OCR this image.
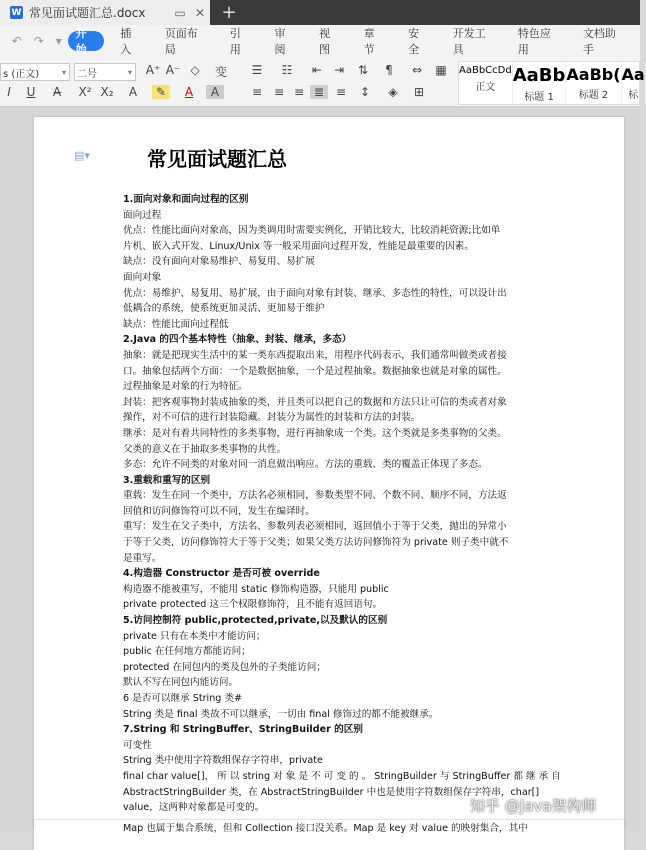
W 常见面试题汇总.docx	▭ ✕ +
↶ ↷ ▾
开始
插入
页面布局
引用
审阅
视图
章节
安全
开发工具
特色应用
文档助手
s (正文)	▾	二号	▾ A⁺ A⁻ ◇	变	☰	☷	⇤ ⇥	⇅	¶	⇔	▦
I	U	A̶	X² X₂	A	✎	A	A	≡ ≡ ≡ ≣ ≡	↕	◈	⊞
AaBbCcDd
正文
AaBb
标题 1
AaBb(
标题 2
Aa
标
▤▾	常见面试题汇总
1.面向对象和面向过程的区别
面向过程
优点：性能比面向对象高，因为类调用时需要实例化，开销比较大，比较消耗资源;比如单
片机、嵌入式开发、Linux/Unix 等一般采用面向过程开发，性能是最重要的因素。
缺点：没有面向对象易维护、易复用、易扩展
面向对象
优点：易维护、易复用、易扩展，由于面向对象有封装、继承、多态性的特性，可以设计出
低耦合的系统，使系统更加灵活、更加易于维护
缺点：性能比面向过程低
2.Java 的四个基本特性（抽象、封装、继承，多态）
抽象：就是把现实生活中的某一类东西提取出来，用程序代码表示，我们通常叫做类或者接
口。抽象包括两个方面：一个是数据抽象，一个是过程抽象。数据抽象也就是对象的属性。
过程抽象是对象的行为特征。
封装：把客观事物封装成抽象的类，并且类可以把自己的数据和方法只让可信的类或者对象
操作，对不可信的进行封装隐藏。封装分为属性的封装和方法的封装。
继承：是对有着共同特性的多类事物，进行再抽象成一个类。这个类就是多类事物的父类。
父类的意义在于抽取多类事物的共性。
多态：允许不同类的对象对同一消息做出响应。方法的重载、类的覆盖正体现了多态。
3.重载和重写的区别
重载：发生在同一个类中，方法名必须相同，参数类型不同、个数不同、顺序不同，方法返
回值和访问修饰符可以不同，发生在编译时。
重写：发生在父子类中，方法名、参数列表必须相同，返回值小于等于父类，抛出的异常小
于等于父类，访问修饰符大于等于父类；如果父类方法访问修饰符为 private 则子类中就不
是重写。
4.构造器 Constructor 是否可被 override
构造器不能被重写，不能用 static 修饰构造器，只能用 public
private protected 这三个权限修饰符，且不能有返回语句。
5.访问控制符 public,protected,private,以及默认的区别
private 只有在本类中才能访问；
public 在任何地方都能访问；
protected 在同包内的类及包外的子类能访问；
默认不写在同包内能访问。
6 是否可以继承 String 类#
String 类是 final 类故不可以继承，一切由 final 修饰过的都不能被继承。
7.String 和 StringBuffer、StringBuilder 的区别
可变性
String 类中使用字符数组保存字符串，private
final char value[]， 所 以 string 对 象 是 不 可 变 的 。 StringBuilder 与 StringBuffer 都 继 承 自
AbstractStringBuilder 类，在 AbstractStringBuilder 中也是使用字符数组保存字符串，char[]
value，这两种对象都是可变的。
Map 也属于集合系统，但和 Collection 接口没关系。Map 是 key 对 value 的映射集合，其中
知乎 @Java架构师
